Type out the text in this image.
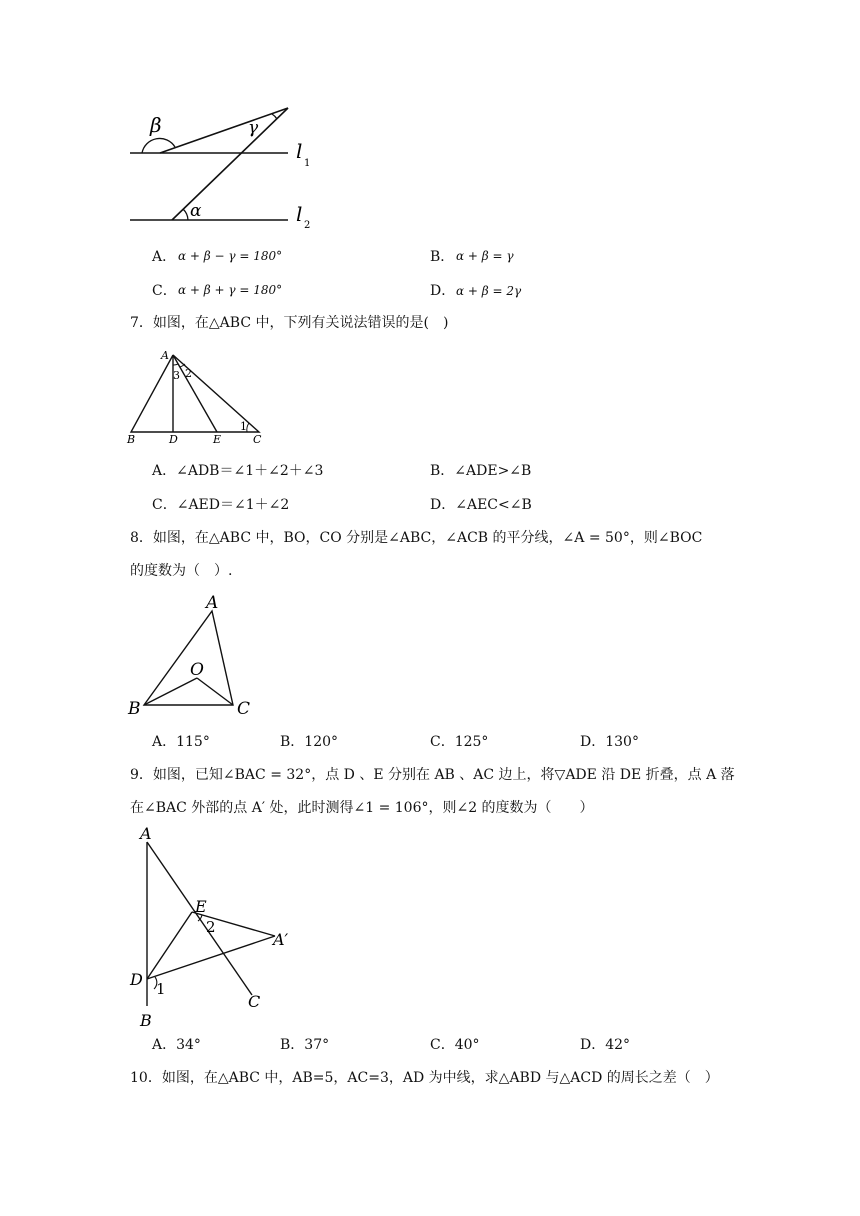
β	γ
α
l
1
l 2
A． α + β − γ = 180°	B． α + β = γ
C． α + β + γ = 180°	D． α + β = 2γ
7．如图，在△ABC 中，下列有关说法错误的是(　)
A
B	D	E	C
3 2
1
A．∠ADB＝∠1＋∠2＋∠3	B．∠ADE>∠B
C．∠AED＝∠1＋∠2	D．∠AEC<∠B
8．如图，在△ABC 中，BO，CO 分别是∠ABC，∠ACB 的平分线，∠A = 50°，则∠BOC
的度数为（　）.
A
O
B	C
A．115°	B．120°	C．125°	D．130°
9．如图，已知∠BAC = 32°，点 D 、E 分别在 AB 、AC 边上，将▽ADE 沿 DE 折叠，点 A 落
在∠BAC 外部的点 A′ 处，此时测得∠1 = 106°，则∠2 的度数为（　　）
A
E
2
A′
D 1
C
B
A．34°	B．37°	C．40°	D．42°
10．如图，在△ABC 中，AB=5，AC=3，AD 为中线，求△ABD 与△ACD 的周长之差（　）
